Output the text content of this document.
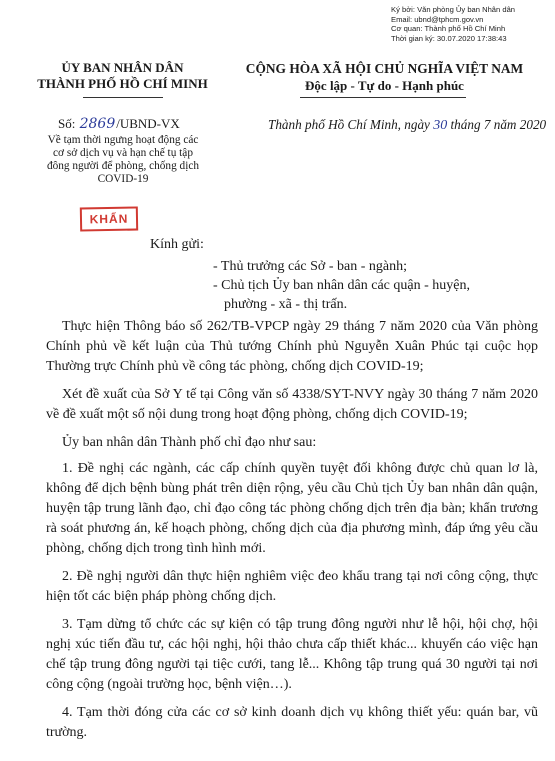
Ký bởi: Văn phòng Ủy ban Nhân dân
Email: ubnd@tphcm.gov.vn
Cơ quan: Thành phố Hồ Chí Minh
Thời gian ký: 30.07.2020 17:38:43
ỦY BAN NHÂN DÂN
THÀNH PHỐ HỒ CHÍ MINH
CỘNG HÒA XÃ HỘI CHỦ NGHĨA VIỆT NAM
Độc lập - Tự do - Hạnh phúc
Số: 2869/UBND-VX	Thành phố Hồ Chí Minh, ngày 30 tháng 7 năm 2020
Về tạm thời ngưng hoạt động các
cơ sở dịch vụ và hạn chế tụ tập
đông người để phòng, chống dịch
COVID-19
KHẨN
Kính gửi:
- Thủ trưởng các Sở - ban - ngành;
- Chủ tịch Ủy ban nhân dân các quận - huyện,
phường - xã - thị trấn.

Thực hiện Thông báo số 262/TB-VPCP ngày 29 tháng 7 năm 2020 của Văn phòng Chính phủ về kết luận của Thủ tướng Chính phủ Nguyễn Xuân Phúc tại cuộc họp Thường trực Chính phủ về công tác phòng, chống dịch COVID-19;

Xét đề xuất của Sở Y tế tại Công văn số 4338/SYT-NVY ngày 30 tháng 7 năm 2020 về đề xuất một số nội dung trong hoạt động phòng, chống dịch COVID-19;

Ủy ban nhân dân Thành phố chỉ đạo như sau:

1. Đề nghị các ngành, các cấp chính quyền tuyệt đối không được chủ quan lơ là, không để dịch bệnh bùng phát trên diện rộng, yêu cầu Chủ tịch Ủy ban nhân dân quận, huyện tập trung lãnh đạo, chỉ đạo công tác phòng chống dịch trên địa bàn; khẩn trương rà soát phương án, kế hoạch phòng, chống dịch của địa phương mình, đáp ứng yêu cầu phòng, chống dịch trong tình hình mới.

2. Đề nghị người dân thực hiện nghiêm việc đeo khẩu trang tại nơi công cộng, thực hiện tốt các biện pháp phòng chống dịch.

3. Tạm dừng tổ chức các sự kiện có tập trung đông người như lễ hội, hội chợ, hội nghị xúc tiến đầu tư, các hội nghị, hội thảo chưa cấp thiết khác... khuyến cáo việc hạn chế tập trung đông người tại tiệc cưới, tang lễ... Không tập trung quá 30 người tại nơi công cộng (ngoài trường học, bệnh viện…).

4. Tạm thời đóng cửa các cơ sở kinh doanh dịch vụ không thiết yếu: quán bar, vũ trường.
